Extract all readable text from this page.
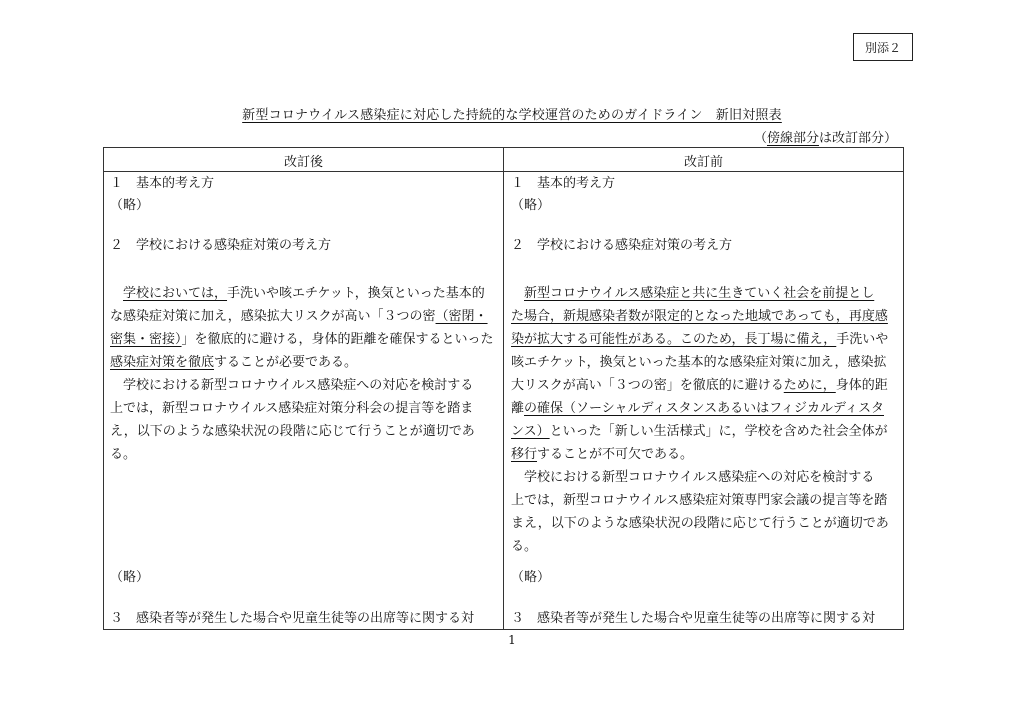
別添２
新型コロナウイルス感染症に対応した持続的な学校運営のためのガイドライン　新旧対照表
（傍線部分は改訂部分）
改訂後	改訂前
１　基本的考え方
（略）
２　学校における感染症対策の考え方
　学校においては，手洗いや咳エチケット，換気といった基本的
な感染症対策に加え，感染拡大リスクが高い「３つの密（密閉・
密集・密接）」を徹底的に避ける，身体的距離を確保するといった
感染症対策を徹底することが必要である。
　学校における新型コロナウイルス感染症への対応を検討する
上では，新型コロナウイルス感染症対策分科会の提言等を踏ま
え，以下のような感染状況の段階に応じて行うことが適切であ
る。
（略）
３　感染者等が発生した場合や児童生徒等の出席等に関する対
１　基本的考え方
（略）
２　学校における感染症対策の考え方
　新型コロナウイルス感染症と共に生きていく社会を前提とし
た場合，新規感染者数が限定的となった地域であっても，再度感
染が拡大する可能性がある。このため，長丁場に備え，手洗いや
咳エチケット，換気といった基本的な感染症対策に加え，感染拡
大リスクが高い「３つの密」を徹底的に避けるために，身体的距
離の確保（ソーシャルディスタンスあるいはフィジカルディスタ
ンス）といった「新しい生活様式」に，学校を含めた社会全体が
移行することが不可欠である。
　学校における新型コロナウイルス感染症への対応を検討する
上では，新型コロナウイルス感染症対策専門家会議の提言等を踏
まえ，以下のような感染状況の段階に応じて行うことが適切であ
る。
（略）
３　感染者等が発生した場合や児童生徒等の出席等に関する対
1
